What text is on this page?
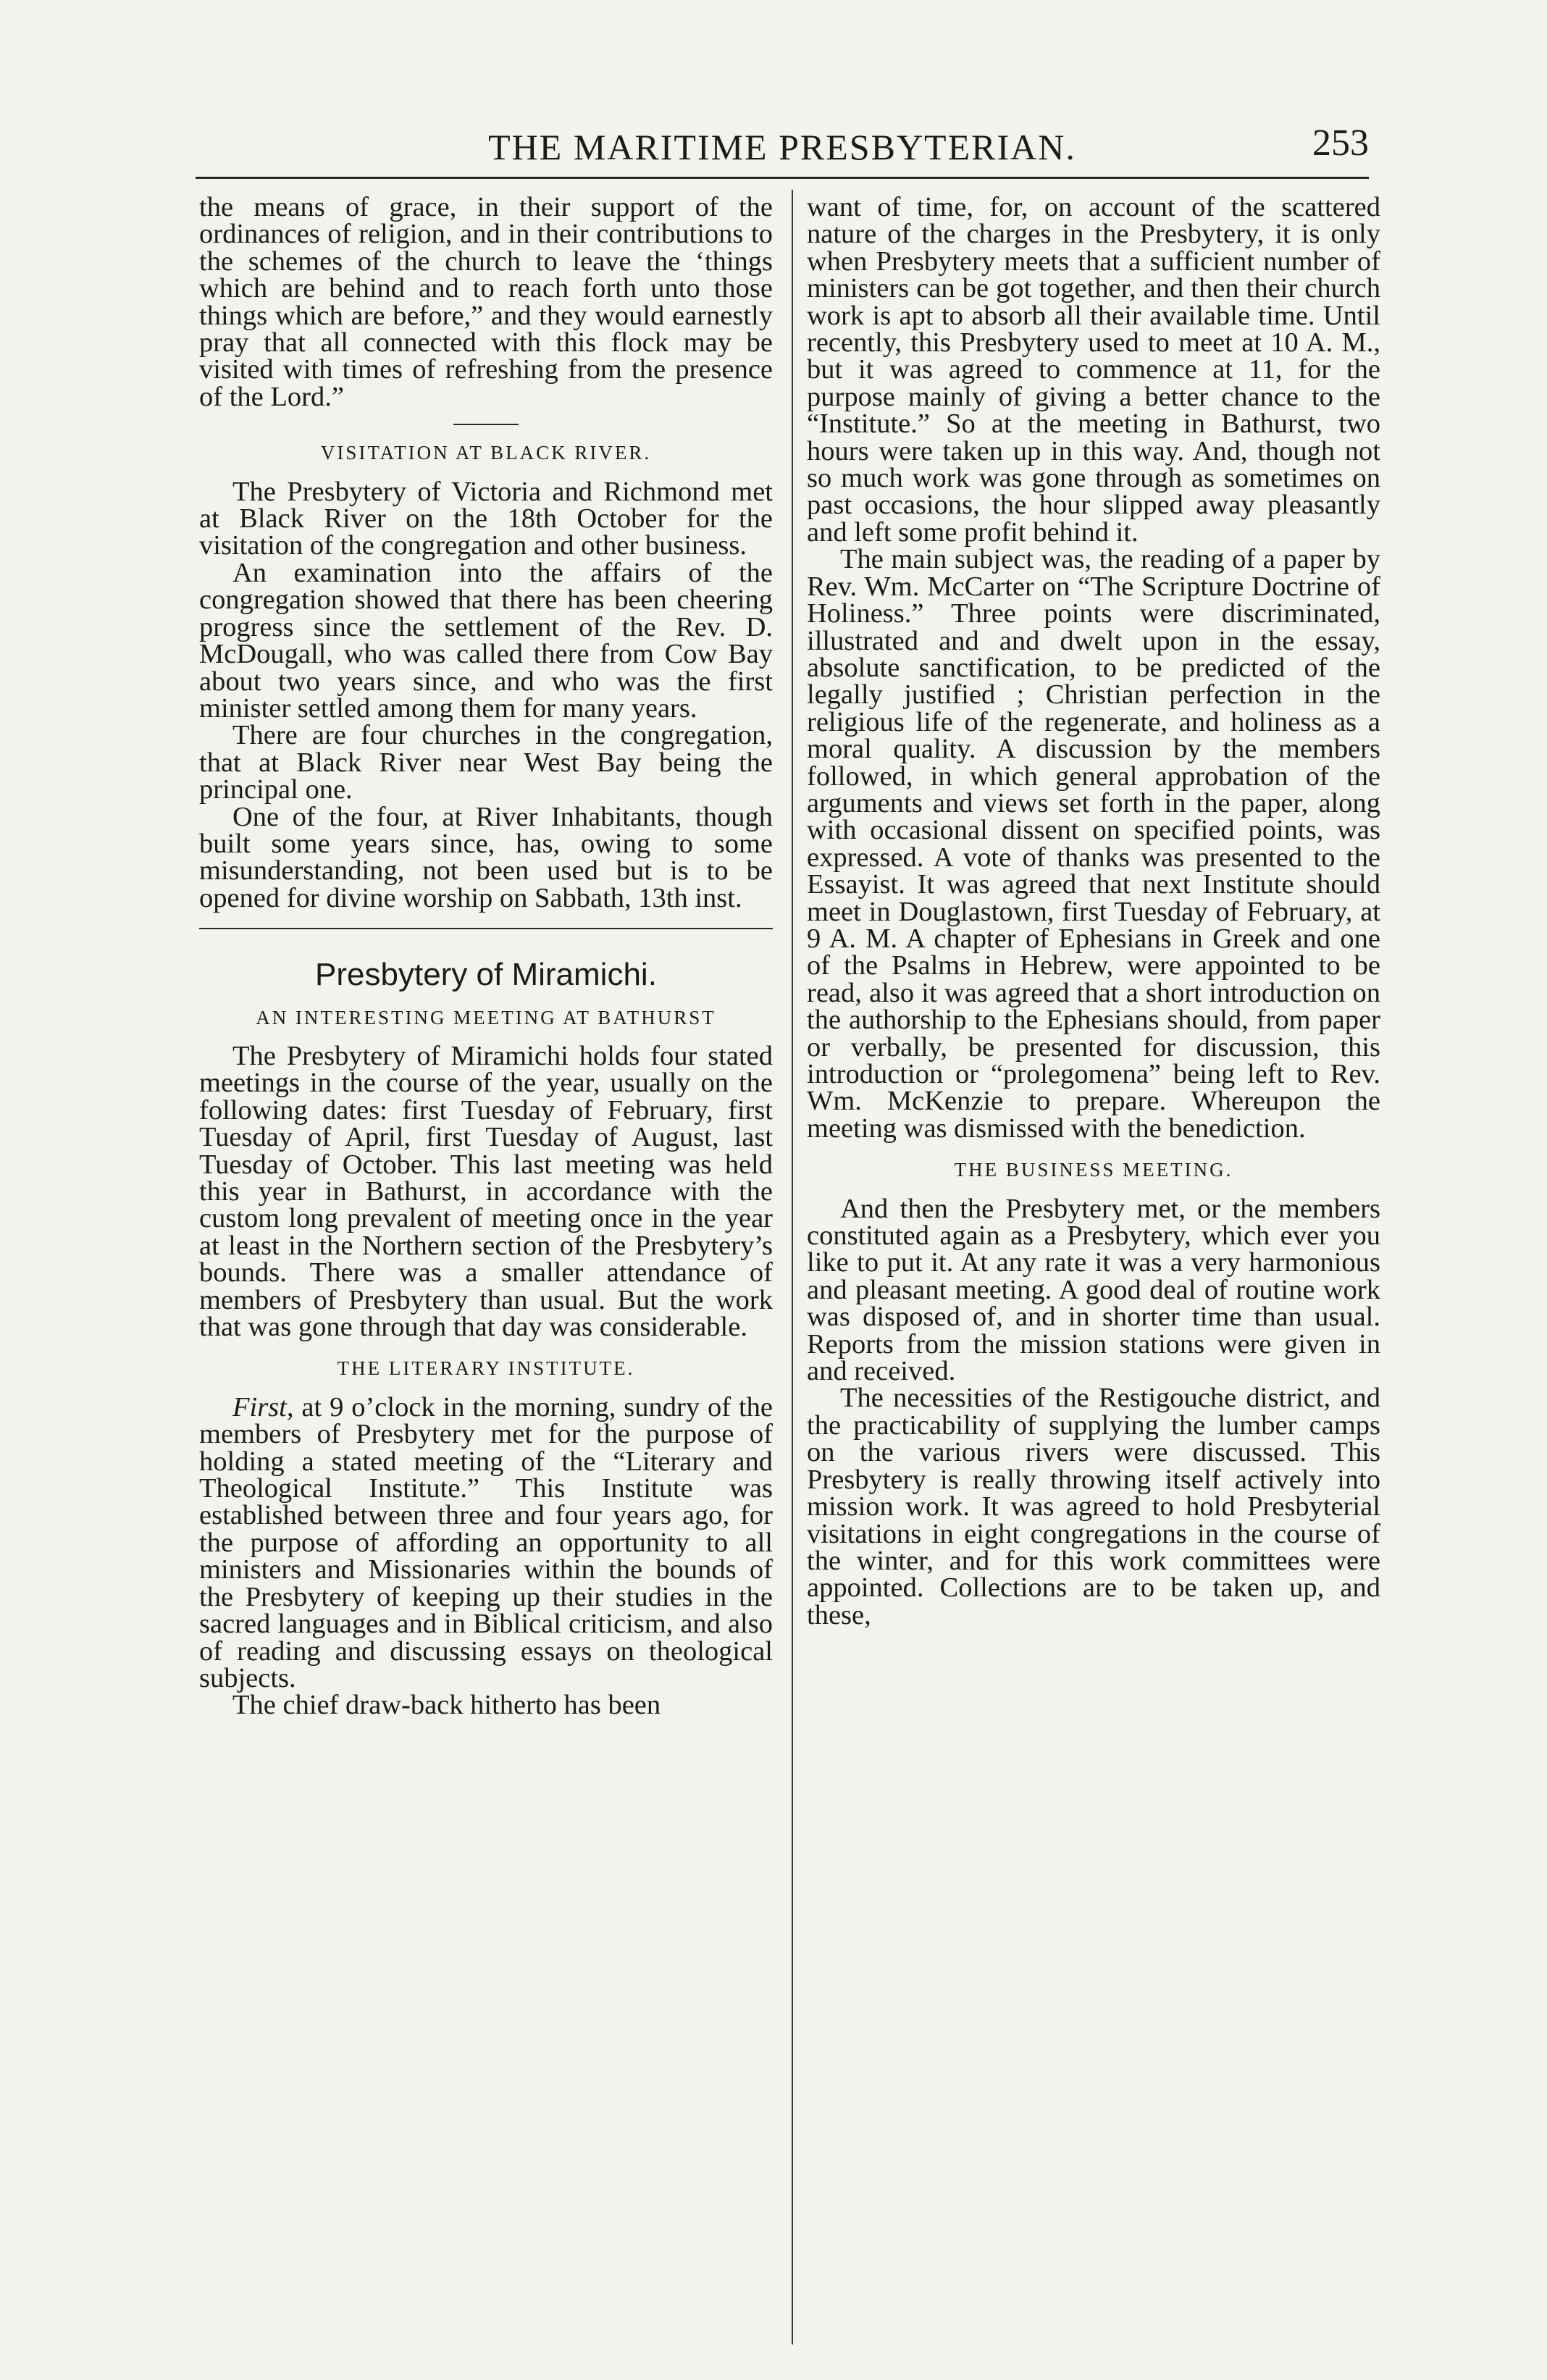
THE MARITIME PRESBYTERIAN.	253

the means of grace, in their support of the ordinances of religion, and in their contributions to the schemes of the church to leave the ‘things which are behind and to reach forth unto those things which are before,” and they would earnestly pray that all connected with this flock may be visited with times of refreshing from the presence of the Lord.”

VISITATION AT BLACK RIVER.

The Presbytery of Victoria and Richmond met at Black River on the 18th October for the visitation of the congregation and other business.

An examination into the affairs of the congregation showed that there has been cheering progress since the settlement of the Rev. D. McDougall, who was called there from Cow Bay about two years since, and who was the first minister settled among them for many years.

There are four churches in the congregation, that at Black River near West Bay being the principal one.

One of the four, at River Inhabitants, though built some years since, has, owing to some misunderstanding, not been used but is to be opened for divine worship on Sabbath, 13th inst.

Presbytery of Miramichi.
AN INTERESTING MEETING AT BATHURST

The Presbytery of Miramichi holds four stated meetings in the course of the year, usually on the following dates: first Tuesday of February, first Tuesday of April, first Tuesday of August, last Tuesday of October. This last meeting was held this year in Bathurst, in accordance with the custom long prevalent of meeting once in the year at least in the Northern section of the Presbytery’s bounds. There was a smaller attendance of members of Presbytery than usual. But the work that was gone through that day was considerable.

THE LITERARY INSTITUTE.

First, at 9 o’clock in the morning, sundry of the members of Presbytery met for the purpose of holding a stated meeting of the “Literary and Theological Institute.” This Institute was established between three and four years ago, for the purpose of affording an opportunity to all ministers and Missionaries within the bounds of the Presbytery of keeping up their studies in the sacred languages and in Biblical criticism, and also of reading and discussing essays on theological subjects.

The chief draw-back hitherto has been

want of time, for, on account of the scattered nature of the charges in the Presbytery, it is only when Presbytery meets that a sufficient number of ministers can be got together, and then their church work is apt to absorb all their available time. Until recently, this Presbytery used to meet at 10 A. M., but it was agreed to commence at 11, for the purpose mainly of giving a better chance to the “Institute.” So at the meeting in Bathurst, two hours were taken up in this way. And, though not so much work was gone through as sometimes on past occasions, the hour slipped away pleasantly and left some profit behind it.

The main subject was, the reading of a paper by Rev. Wm. McCarter on “The Scripture Doctrine of Holiness.” Three points were discriminated, illustrated and and dwelt upon in the essay, absolute sanctification, to be predicted of the legally justified ; Christian perfection in the religious life of the regenerate, and holiness as a moral quality. A discussion by the members followed, in which general approbation of the arguments and views set forth in the paper, along with occasional dissent on specified points, was expressed. A vote of thanks was presented to the Essayist. It was agreed that next Institute should meet in Douglastown, first Tuesday of February, at 9 A. M. A chapter of Ephesians in Greek and one of the Psalms in Hebrew, were appointed to be read, also it was agreed that a short introduction on the authorship to the Ephesians should, from paper or verbally, be presented for discussion, this introduction or “prolegomena” being left to Rev. Wm. McKenzie to prepare. Whereupon the meeting was dismissed with the benediction.

THE BUSINESS MEETING.

And then the Presbytery met, or the members constituted again as a Presbytery, which ever you like to put it. At any rate it was a very harmonious and pleasant meeting. A good deal of routine work was disposed of, and in shorter time than usual. Reports from the mission stations were given in and received.

The necessities of the Restigouche district, and the practicability of supplying the lumber camps on the various rivers were discussed. This Presbytery is really throwing itself actively into mission work. It was agreed to hold Presbyterial visitations in eight congregations in the course of the winter, and for this work committees were appointed. Collections are to be taken up, and these,
